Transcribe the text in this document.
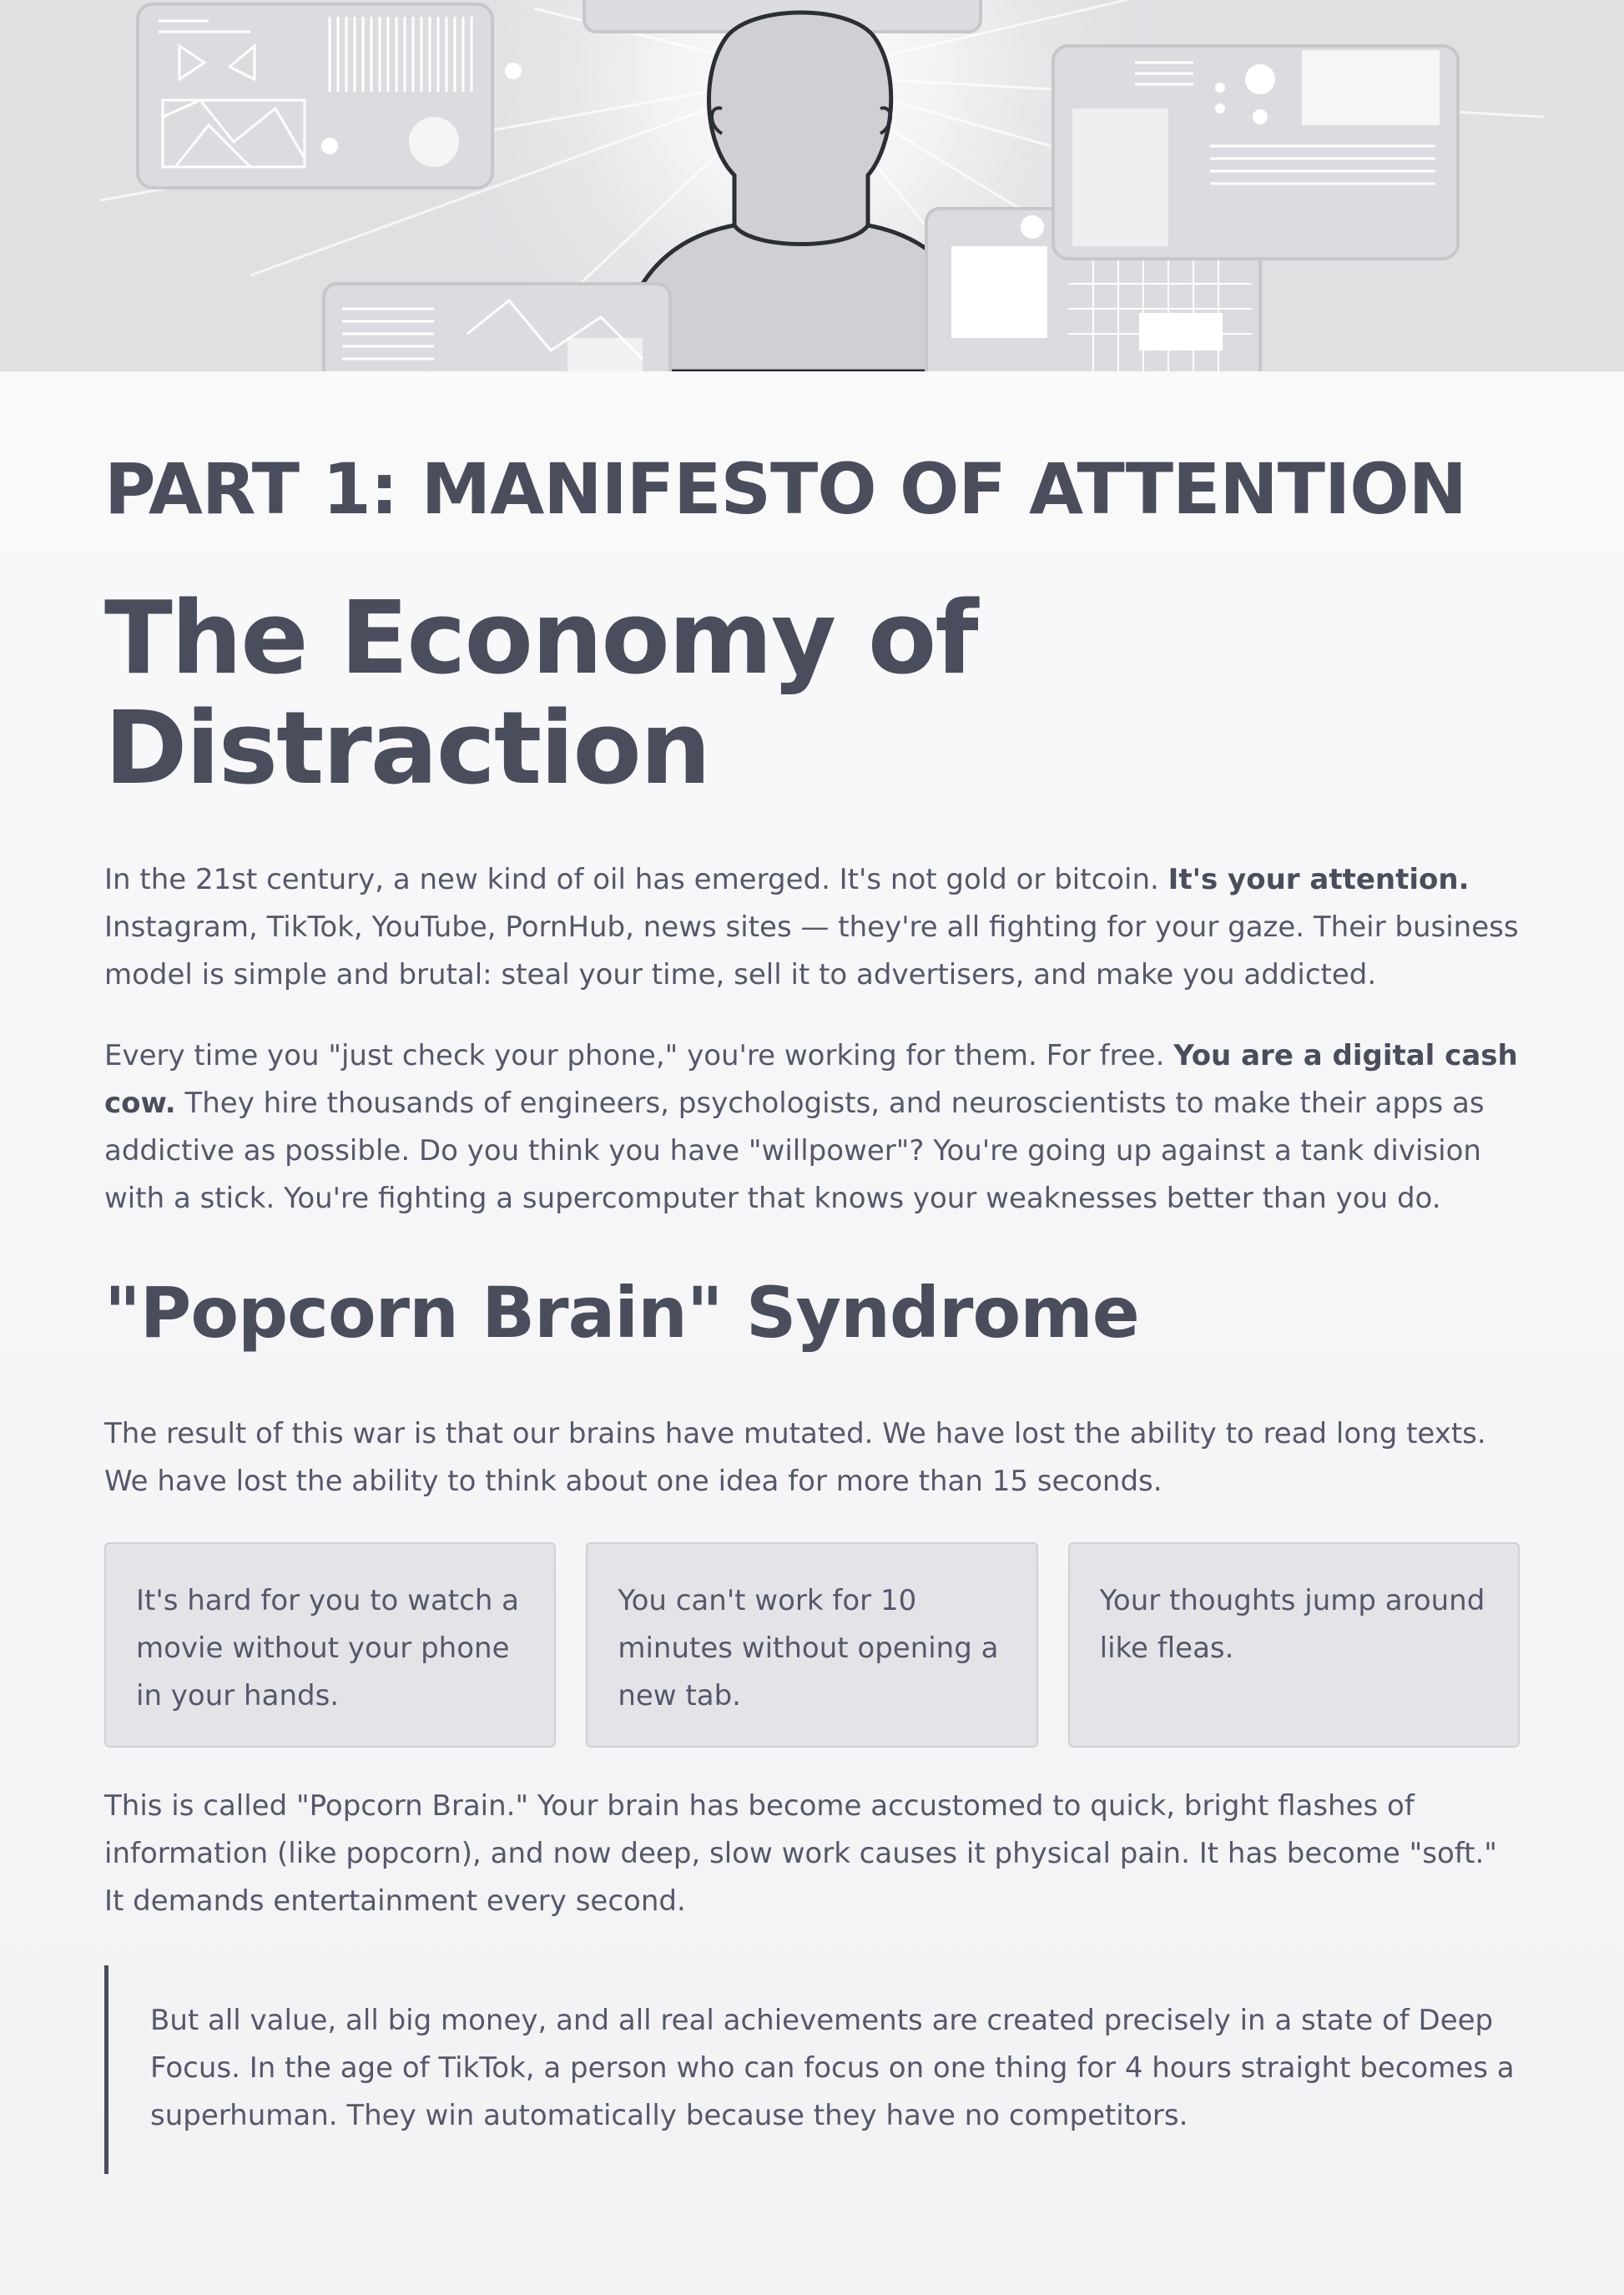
PART 1: MANIFESTO OF ATTENTION
The Economy of Distraction

In the 21st century, a new kind of oil has emerged. It's not gold or bitcoin. It's your attention. Instagram, TikTok, YouTube, PornHub, news sites — they're all fighting for your gaze. Their business model is simple and brutal: steal your time, sell it to advertisers, and make you addicted.

Every time you "just check your phone," you're working for them. For free. You are a digital cash cow. They hire thousands of engineers, psychologists, and neuroscientists to make their apps as addictive as possible. Do you think you have "willpower"? You're going up against a tank division with a stick. You're fighting a supercomputer that knows your weaknesses better than you do.

"Popcorn Brain" Syndrome

The result of this war is that our brains have mutated. We have lost the ability to read long texts. We have lost the ability to think about one idea for more than 15 seconds.

It's hard for you to watch a movie without your phone in your hands.
You can't work for 10 minutes without opening a new tab.
Your thoughts jump around like fleas.

This is called "Popcorn Brain." Your brain has become accustomed to quick, bright flashes of information (like popcorn), and now deep, slow work causes it physical pain. It has become "soft." It demands entertainment every second.

But all value, all big money, and all real achievements are created precisely in a state of Deep Focus. In the age of TikTok, a person who can focus on one thing for 4 hours straight becomes a superhuman. They win automatically because they have no competitors.
